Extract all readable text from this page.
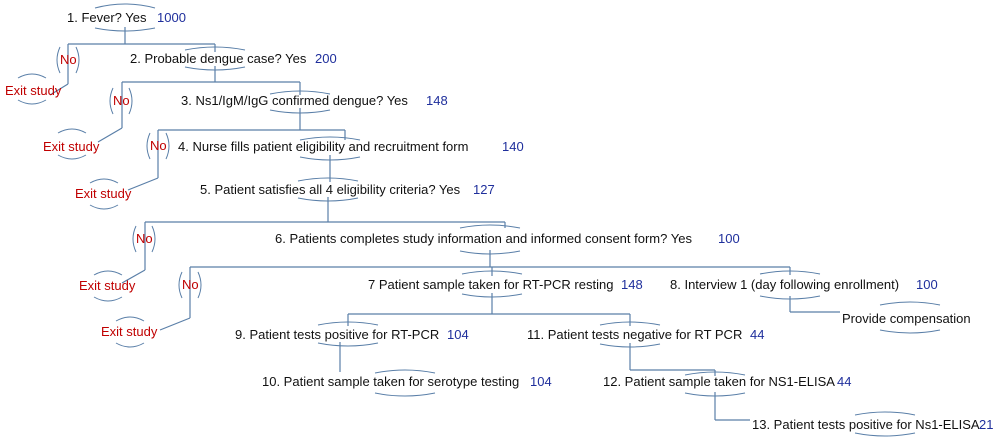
1. Fever? Yes 1000
2. Probable dengue case? Yes 200
3. Ns1/IgM/IgG confirmed dengue? Yes 148
4. Nurse fills patient eligibility and recruitment form	140
5. Patient satisfies all 4 eligibility criteria? Yes 127
6. Patients completes study information and informed consent form? Yes 100
7 Patient sample taken for RT-PCR resting 148 8. Interview 1 (day following enrollment) 100
9. Patient tests positive for RT-PCR 104
10. Patient sample taken for serotype testing 104
11. Patient tests negative for RT PCR 44
12. Patient sample taken for NS1-ELISA 44
13. Patient tests positive for Ns1-ELISA 21
No
No
No
No
No
Exit study
Exit study
Exit study
Exit study
Exit study
Provide compensation
